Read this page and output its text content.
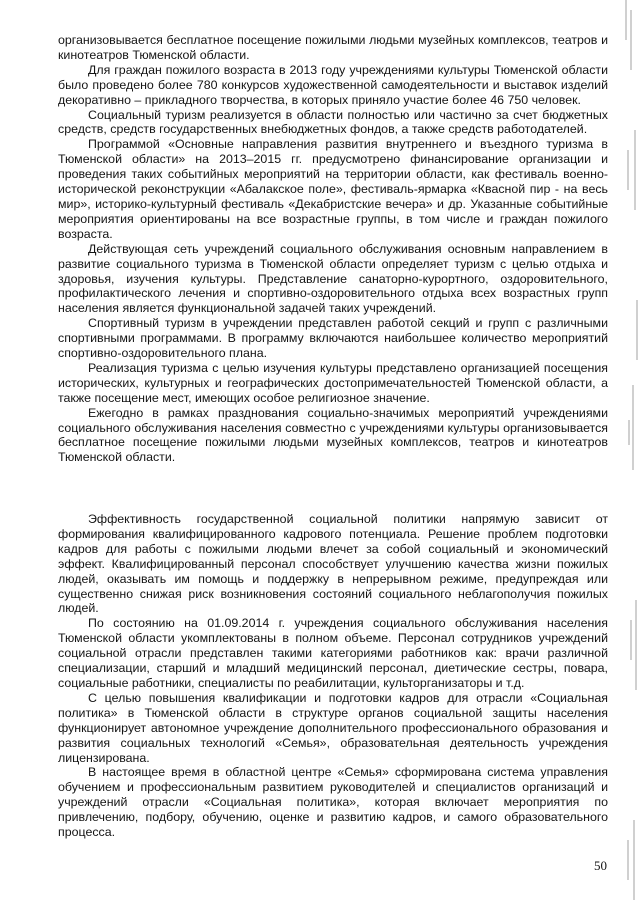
организовывается бесплатное посещение пожилыми людьми музейных комплексов, театров и кинотеатров Тюменской области.

Для граждан пожилого возраста в 2013 году учреждениями культуры Тюменской области было проведено более 780 конкурсов художественной самодеятельности и выставок изделий декоративно – прикладного творчества, в которых приняло участие более 46 750 человек.

Социальный туризм реализуется в области полностью или частично за счет бюджетных средств, средств государственных внебюджетных фондов, а также средств работодателей.

Программой «Основные направления развития внутреннего и въездного туризма в Тюменской области» на 2013–2015 гг. предусмотрено финансирование организации и проведения таких событийных мероприятий на территории области, как фестиваль военно-исторической реконструкции «Абалакское поле», фестиваль-ярмарка «Квасной пир - на весь мир», историко-культурный фестиваль «Декабристские вечера» и др. Указанные событийные мероприятия ориентированы на все возрастные группы, в том числе и граждан пожилого возраста.

Действующая сеть учреждений социального обслуживания основным направлением в развитие социального туризма в Тюменской области определяет туризм с целью отдыха и здоровья, изучения культуры. Представление санаторно-курортного, оздоровительного, профилактического лечения и спортивно-оздоровительного отдыха всех возрастных групп населения является функциональной задачей таких учреждений.

Спортивный туризм в учреждении представлен работой секций и групп с различными спортивными программами. В программу включаются наибольшее количество мероприятий спортивно-оздоровительного плана.

Реализация туризма с целью изучения культуры представлено организацией посещения исторических, культурных и географических достопримечательностей Тюменской области, а также посещение мест, имеющих особое религиозное значение.

Ежегодно в рамках празднования социально-значимых мероприятий учреждениями социального обслуживания населения совместно с учреждениями культуры организовывается бесплатное посещение пожилыми людьми музейных комплексов, театров и кинотеатров Тюменской области.

Эффективность государственной социальной политики напрямую зависит от формирования квалифицированного кадрового потенциала. Решение проблем подготовки кадров для работы с пожилыми людьми влечет за собой социальный и экономический эффект. Квалифицированный персонал способствует улучшению качества жизни пожилых людей, оказывать им помощь и поддержку в непрерывном режиме, предупреждая или существенно снижая риск возникновения состояний социального неблагополучия пожилых людей.

По состоянию на 01.09.2014 г. учреждения социального обслуживания населения Тюменской области укомплектованы в полном объеме. Персонал сотрудников учреждений социальной отрасли представлен такими категориями работников как: врачи различной специализации, старший и младший медицинский персонал, диетические сестры, повара, социальные работники, специалисты по реабилитации, культорганизаторы и т.д.

С целью повышения квалификации и подготовки кадров для отрасли «Социальная политика» в Тюменской области в структуре органов социальной защиты населения функционирует автономное учреждение дополнительного профессионального образования и развития социальных технологий «Семья», образовательная деятельность учреждения лицензирована.

В настоящее время в областной центре «Семья» сформирована система управления обучением и профессиональным развитием руководителей и специалистов организаций и учреждений отрасли «Социальная политика», которая включает мероприятия по привлечению, подбору, обучению, оценке и развитию кадров, и самого образовательного процесса.

50
